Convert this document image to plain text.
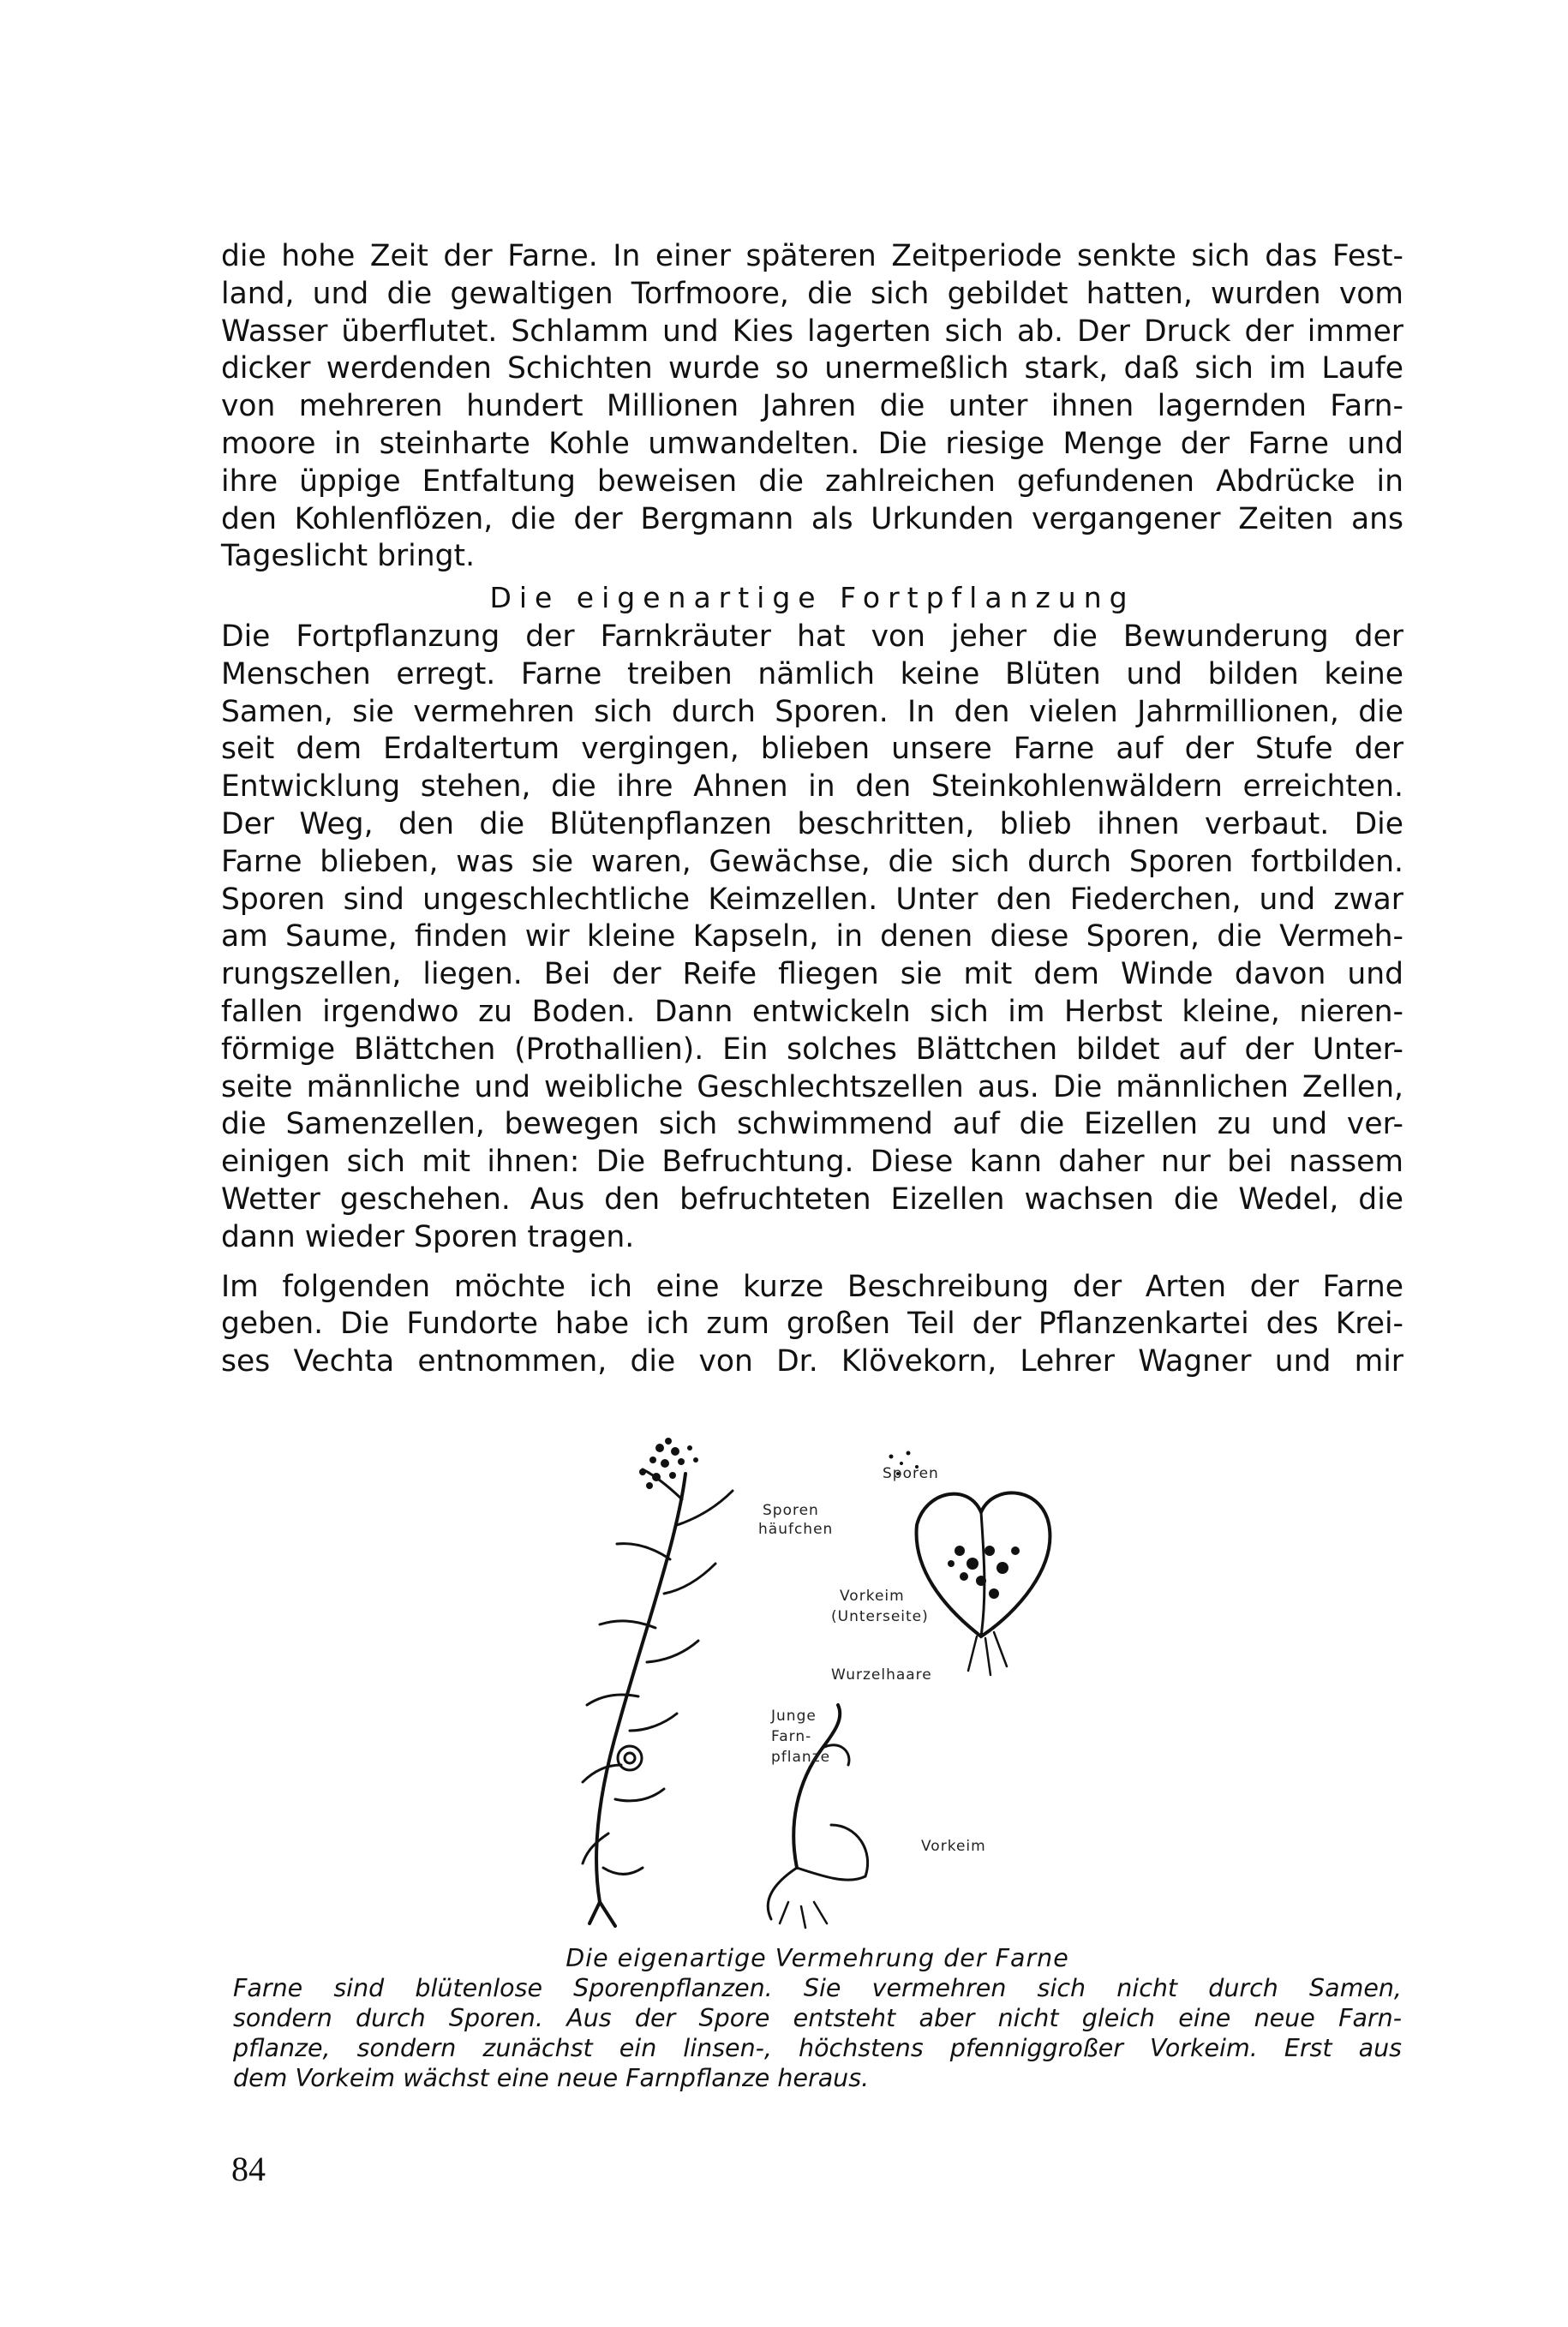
die hohe Zeit der Farne. In einer späteren Zeitperiode senkte sich das Fest-
land, und die gewaltigen Torfmoore, die sich gebildet hatten, wurden vom
Wasser überflutet. Schlamm und Kies lagerten sich ab. Der Druck der immer
dicker werdenden Schichten wurde so unermeßlich stark, daß sich im Laufe
von mehreren hundert Millionen Jahren die unter ihnen lagernden Farn-
moore in steinharte Kohle umwandelten. Die riesige Menge der Farne und
ihre üppige Entfaltung beweisen die zahlreichen gefundenen Abdrücke in
den Kohlenflözen, die der Bergmann als Urkunden vergangener Zeiten ans
Tageslicht bringt.
Die eigenartige Fortpflanzung
Die Fortpflanzung der Farnkräuter hat von jeher die Bewunderung der
Menschen erregt. Farne treiben nämlich keine Blüten und bilden keine
Samen, sie vermehren sich durch Sporen. In den vielen Jahrmillionen, die
seit dem Erdaltertum vergingen, blieben unsere Farne auf der Stufe der
Entwicklung stehen, die ihre Ahnen in den Steinkohlenwäldern erreichten.
Der Weg, den die Blütenpflanzen beschritten, blieb ihnen verbaut. Die
Farne blieben, was sie waren, Gewächse, die sich durch Sporen fortbilden.
Sporen sind ungeschlechtliche Keimzellen. Unter den Fiederchen, und zwar
am Saume, finden wir kleine Kapseln, in denen diese Sporen, die Vermeh-
rungszellen, liegen. Bei der Reife fliegen sie mit dem Winde davon und
fallen irgendwo zu Boden. Dann entwickeln sich im Herbst kleine, nieren-
förmige Blättchen (Prothallien). Ein solches Blättchen bildet auf der Unter-
seite männliche und weibliche Geschlechtszellen aus. Die männlichen Zellen,
die Samenzellen, bewegen sich schwimmend auf die Eizellen zu und ver-
einigen sich mit ihnen: Die Befruchtung. Diese kann daher nur bei nassem
Wetter geschehen. Aus den befruchteten Eizellen wachsen die Wedel, die
dann wieder Sporen tragen.
Im folgenden möchte ich eine kurze Beschreibung der Arten der Farne
geben. Die Fundorte habe ich zum großen Teil der Pflanzenkartei des Krei-
ses Vechta entnommen, die von Dr. Klövekorn, Lehrer Wagner und mir
Sporen
Sporen
häufchen
Vorkeim
(Unterseite)
Wurzelhaare
Junge
Farn-
pflanze
Vorkeim
Die eigenartige Vermehrung der Farne
Farne sind blütenlose Sporenpflanzen. Sie vermehren sich nicht durch Samen,
sondern durch Sporen. Aus der Spore entsteht aber nicht gleich eine neue Farn-
pflanze, sondern zunächst ein linsen-, höchstens pfenniggroßer Vorkeim. Erst aus
dem Vorkeim wächst eine neue Farnpflanze heraus.
84
